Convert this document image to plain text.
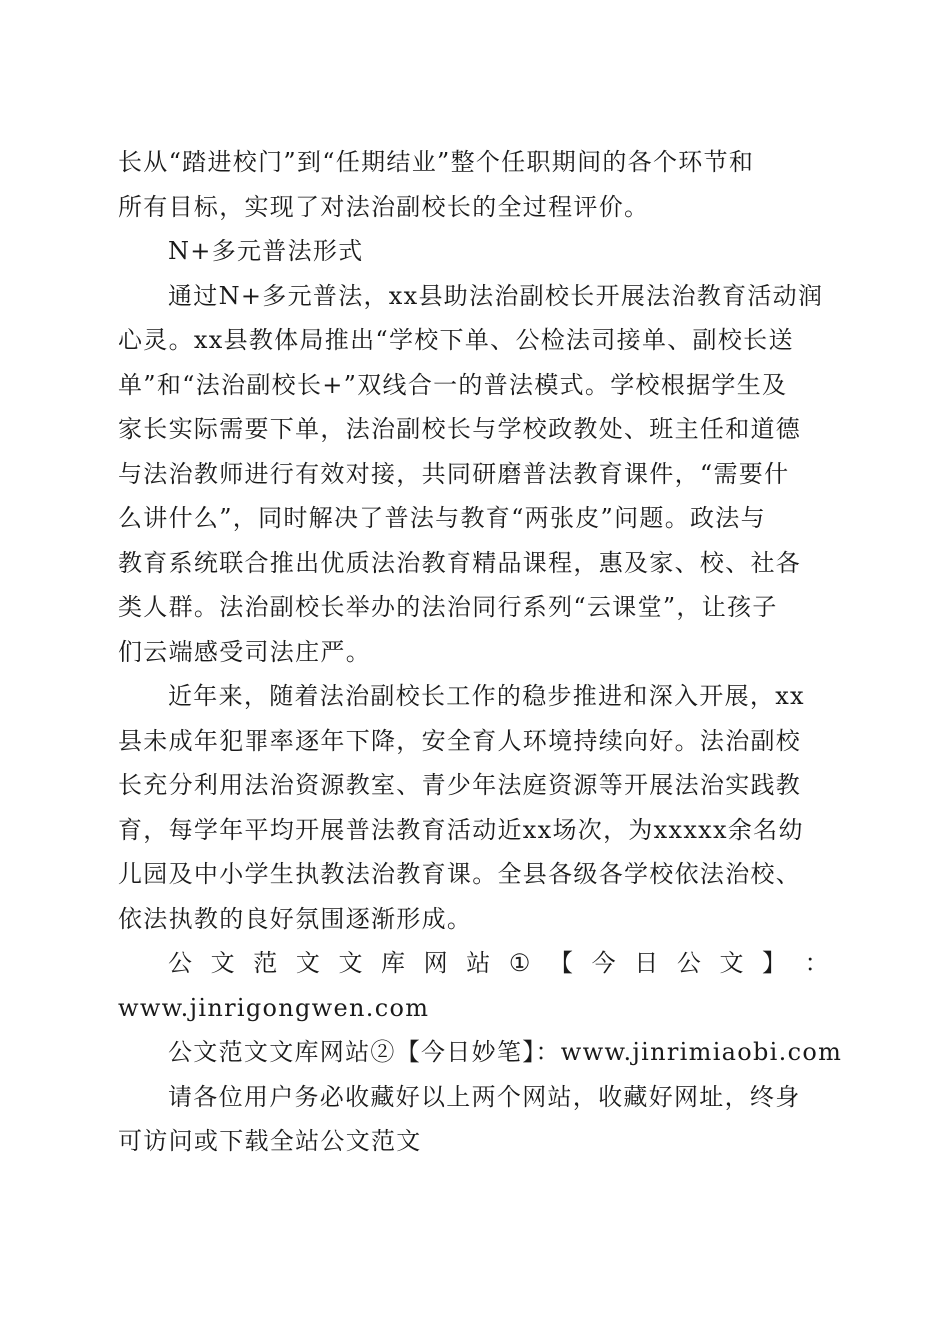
长从“踏进校门”到“任期结业”整个任职期间的各个环节和
所有目标，实现了对法治副校长的全过程评价。

N+多元普法形式

通过N+多元普法，xx县助法治副校长开展法治教育活动润
心灵。xx县教体局推出“学校下单、公检法司接单、副校长送
单”和“法治副校长+”双线合一的普法模式。学校根据学生及
家长实际需要下单，法治副校长与学校政教处、班主任和道德
与法治教师进行有效对接，共同研磨普法教育课件，“需要什
么讲什么”，同时解决了普法与教育“两张皮”问题。政法与
教育系统联合推出优质法治教育精品课程，惠及家、校、社各
类人群。法治副校长举办的法治同行系列“云课堂”，让孩子
们云端感受司法庄严。

近年来，随着法治副校长工作的稳步推进和深入开展，xx
县未成年犯罪率逐年下降，安全育人环境持续向好。法治副校
长充分利用法治资源教室、青少年法庭资源等开展法治实践教
育，每学年平均开展普法教育活动近xx场次，为xxxxx余名幼
儿园及中小学生执教法治教育课。全县各级各学校依法治校、
依法执教的良好氛围逐渐形成。

公 文 范 文 文 库 网 站 ① 【 今 日 公 文 】 ：
www.jinrigongwen.com

公文范文文库网站②【今日妙笔】：www.jinrimiaobi.com

请各位用户务必收藏好以上两个网站，收藏好网址，终身
可访问或下载全站公文范文
